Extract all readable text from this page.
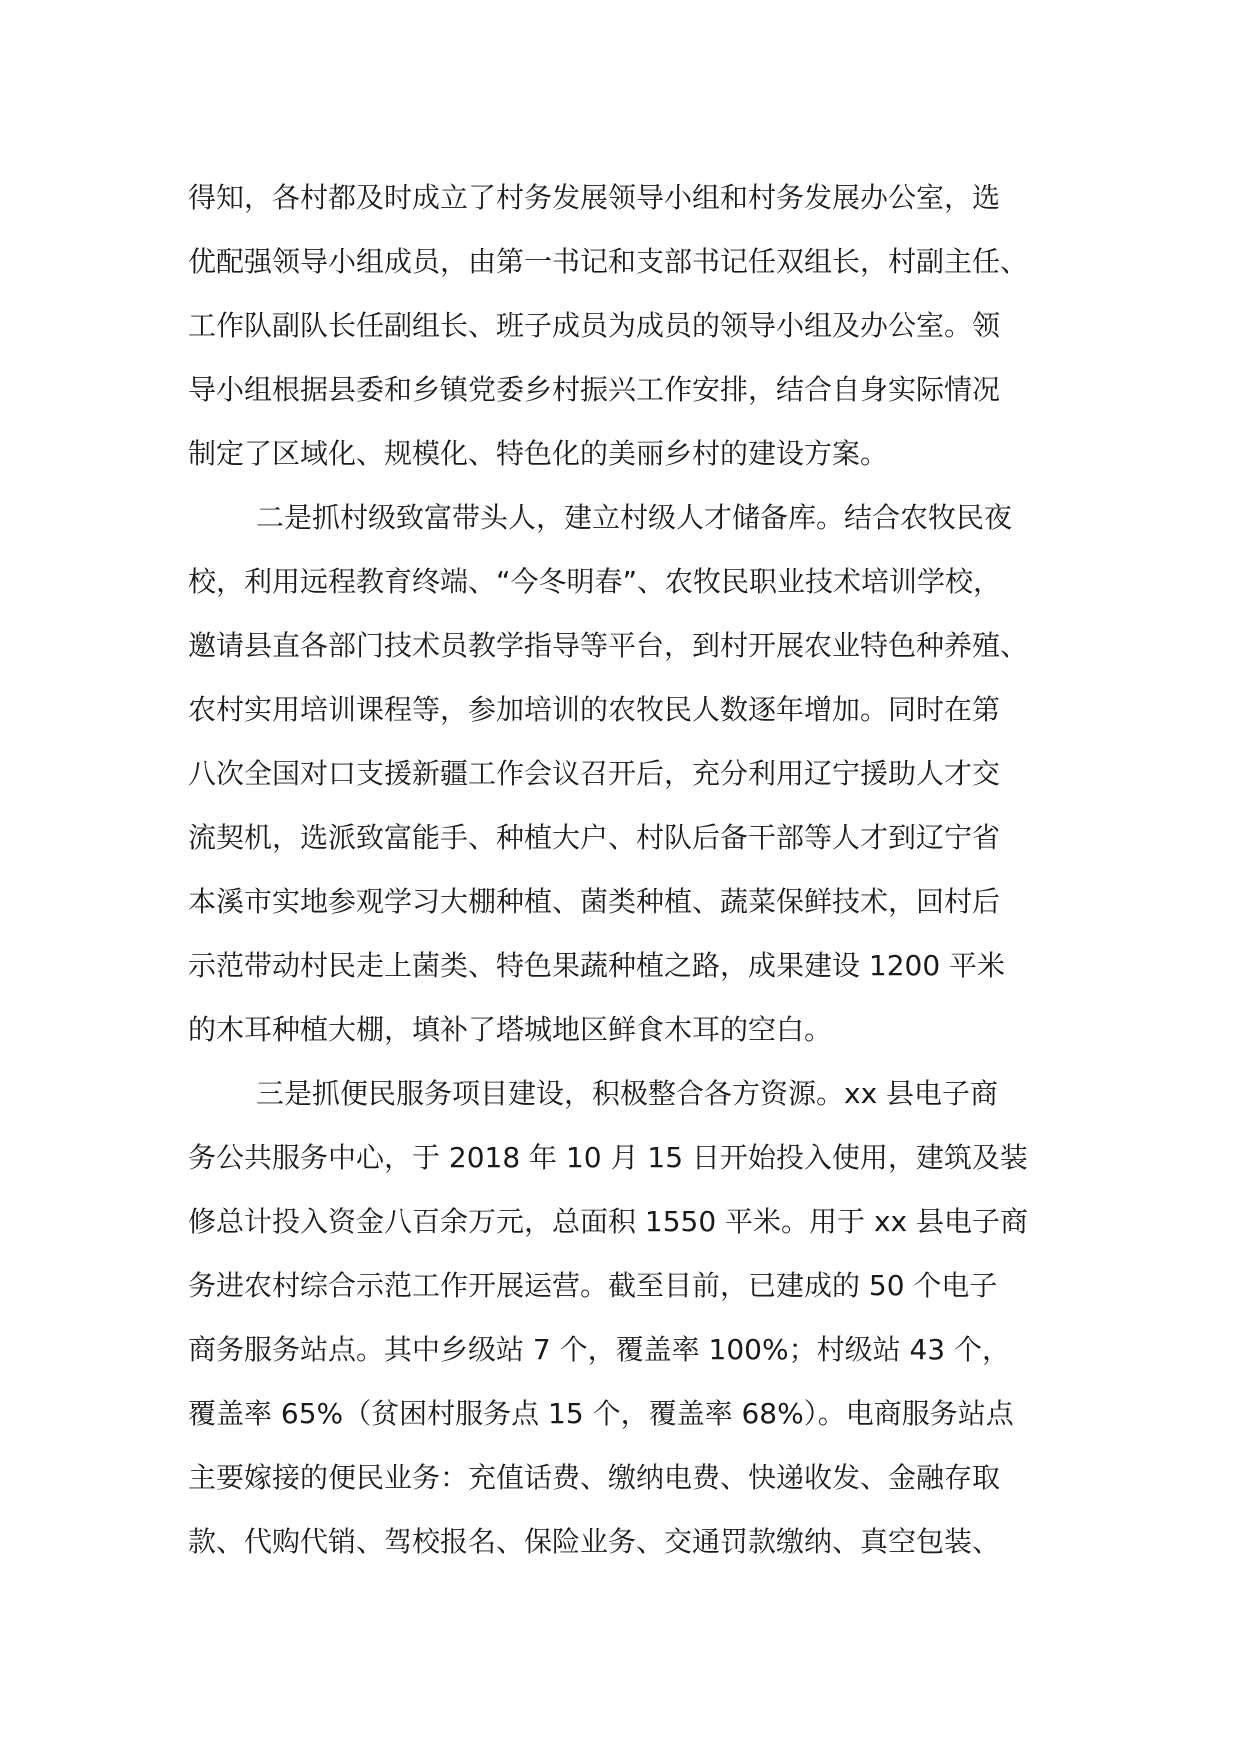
得知，各村都及时成立了村务发展领导小组和村务发展办公室，选
优配强领导小组成员，由第一书记和支部书记任双组长，村副主任、
工作队副队长任副组长、班子成员为成员的领导小组及办公室。领
导小组根据县委和乡镇党委乡村振兴工作安排，结合自身实际情况
制定了区域化、规模化、特色化的美丽乡村的建设方案。
二是抓村级致富带头人，建立村级人才储备库。结合农牧民夜
校，利用远程教育终端、“今冬明春”、农牧民职业技术培训学校，
邀请县直各部门技术员教学指导等平台，到村开展农业特色种养殖、
农村实用培训课程等，参加培训的农牧民人数逐年增加。同时在第
八次全国对口支援新疆工作会议召开后，充分利用辽宁援助人才交
流契机，选派致富能手、种植大户、村队后备干部等人才到辽宁省
本溪市实地参观学习大棚种植、菌类种植、蔬菜保鲜技术，回村后
示范带动村民走上菌类、特色果蔬种植之路，成果建设 1200 平米
的木耳种植大棚，填补了塔城地区鲜食木耳的空白。
三是抓便民服务项目建设，积极整合各方资源。xx 县电子商
务公共服务中心，于 2018 年 10 月 15 日开始投入使用，建筑及装
修总计投入资金八百余万元，总面积 1550 平米。用于 xx 县电子商
务进农村综合示范工作开展运营。截至目前，已建成的 50 个电子
商务服务站点。其中乡级站 7 个，覆盖率 100%；村级站 43 个，
覆盖率 65%（贫困村服务点 15 个，覆盖率 68%）。电商服务站点
主要嫁接的便民业务：充值话费、缴纳电费、快递收发、金融存取
款、代购代销、驾校报名、保险业务、交通罚款缴纳、真空包装、
